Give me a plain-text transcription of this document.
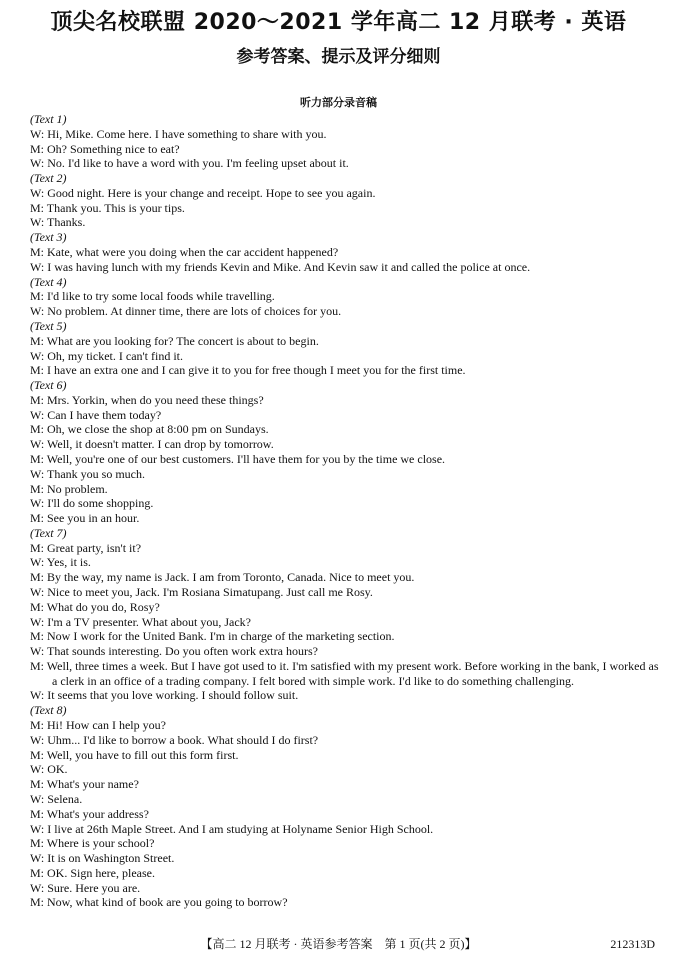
顶尖名校联盟 2020～2021 学年高二 12 月联考 · 英语
参考答案、提示及评分细则
听力部分录音稿
(Text 1)
W: Hi, Mike. Come here. I have something to share with you.
M: Oh? Something nice to eat?
W: No. I'd like to have a word with you. I'm feeling upset about it.
(Text 2)
W: Good night. Here is your change and receipt. Hope to see you again.
M: Thank you. This is your tips.
W: Thanks.
(Text 3)
M: Kate, what were you doing when the car accident happened?
W: I was having lunch with my friends Kevin and Mike. And Kevin saw it and called the police at once.
(Text 4)
M: I'd like to try some local foods while travelling.
W: No problem. At dinner time, there are lots of choices for you.
(Text 5)
M: What are you looking for? The concert is about to begin.
W: Oh, my ticket. I can't find it.
M: I have an extra one and I can give it to you for free though I meet you for the first time.
(Text 6)
M: Mrs. Yorkin, when do you need these things?
W: Can I have them today?
M: Oh, we close the shop at 8:00 pm on Sundays.
W: Well, it doesn't matter. I can drop by tomorrow.
M: Well, you're one of our best customers. I'll have them for you by the time we close.
W: Thank you so much.
M: No problem.
W: I'll do some shopping.
M: See you in an hour.
(Text 7)
M: Great party, isn't it?
W: Yes, it is.
M: By the way, my name is Jack. I am from Toronto, Canada. Nice to meet you.
W: Nice to meet you, Jack. I'm Rosiana Simatupang. Just call me Rosy.
M: What do you do, Rosy?
W: I'm a TV presenter. What about you, Jack?
M: Now I work for the United Bank. I'm in charge of the marketing section.
W: That sounds interesting. Do you often work extra hours?
M: Well, three times a week. But I have got used to it. I'm satisfied with my present work. Before working in the bank, I worked as a clerk in an office of a trading company. I felt bored with simple work. I'd like to do something challenging.
W: It seems that you love working. I should follow suit.
(Text 8)
M: Hi! How can I help you?
W: Uhm... I'd like to borrow a book. What should I do first?
M: Well, you have to fill out this form first.
W: OK.
M: What's your name?
W: Selena.
M: What's your address?
W: I live at 26th Maple Street. And I am studying at Holyname Senior High School.
M: Where is your school?
W: It is on Washington Street.
M: OK. Sign here, please.
W: Sure. Here you are.
M: Now, what kind of book are you going to borrow?
【高二 12 月联考 · 英语参考答案　第 1 页(共 2 页)】	212313D
